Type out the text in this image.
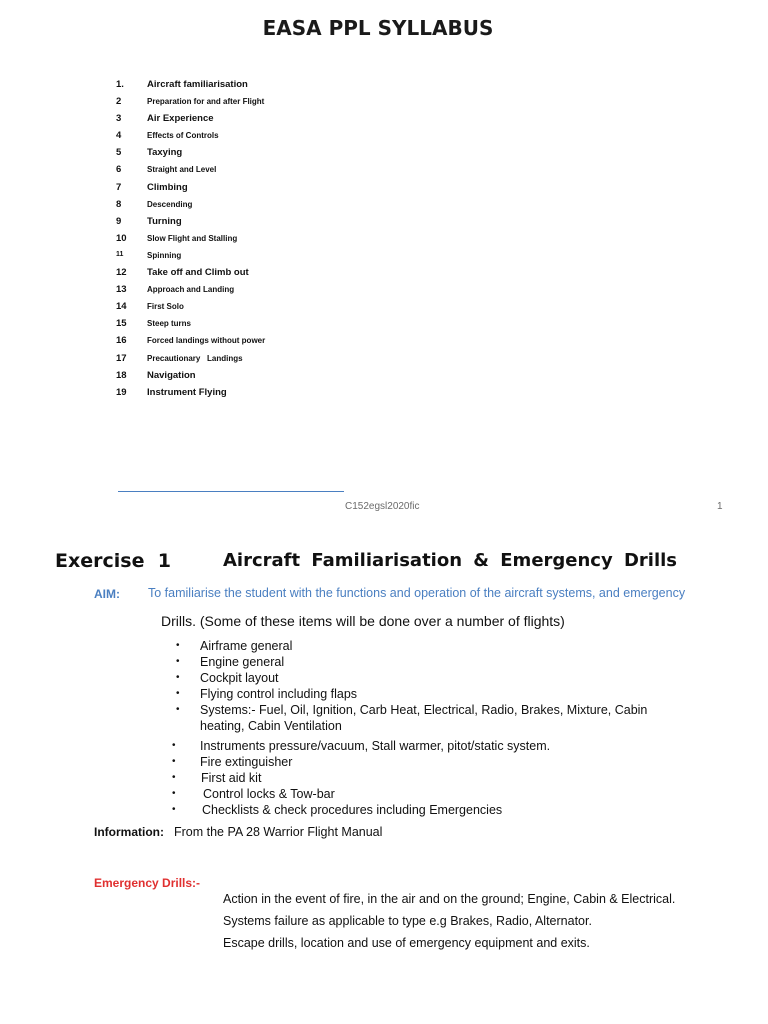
EASA PPL SYLLABUS
1. Aircraft familiarisation
2	Preparation for and after Flight
3	Air Experience
4	Effects of Controls
5	Taxying
6	Straight and Level
7	Climbing
8	Descending
9	Turning
10	Slow Flight and Stalling
11	Spinning
12 Take off and Climb out
13	Approach and Landing
14	First Solo
15	Steep turns
16	Forced landings without power
17	Precautionary   Landings
18 Navigation
19 Instrument Flying
C152egsl2020fic	1
Exercise  1	Aircraft Familiarisation & Emergency Drills
AIM: To familiarise the student with the functions and operation of the aircraft systems, and emergency
Drills. (Some of these items will be done over a number of flights)
•	Airframe general
•	Engine general
•	Cockpit layout
•	Flying control including flaps
•	Systems:- Fuel, Oil, Ignition, Carb Heat, Electrical, Radio, Brakes, Mixture, Cabin heating, Cabin Ventilation
•	Instruments pressure/vacuum, Stall warmer, pitot/static system.
•	Fire extinguisher
•	First aid kit
•	Control locks & Tow-bar
•	Checklists & check procedures including Emergencies
Information: From the PA 28 Warrior Flight Manual
Emergency Drills:-
Action in the event of fire, in the air and on the ground; Engine, Cabin & Electrical.
Systems failure as applicable to type e.g Brakes, Radio, Alternator.
Escape drills, location and use of emergency equipment and exits.
